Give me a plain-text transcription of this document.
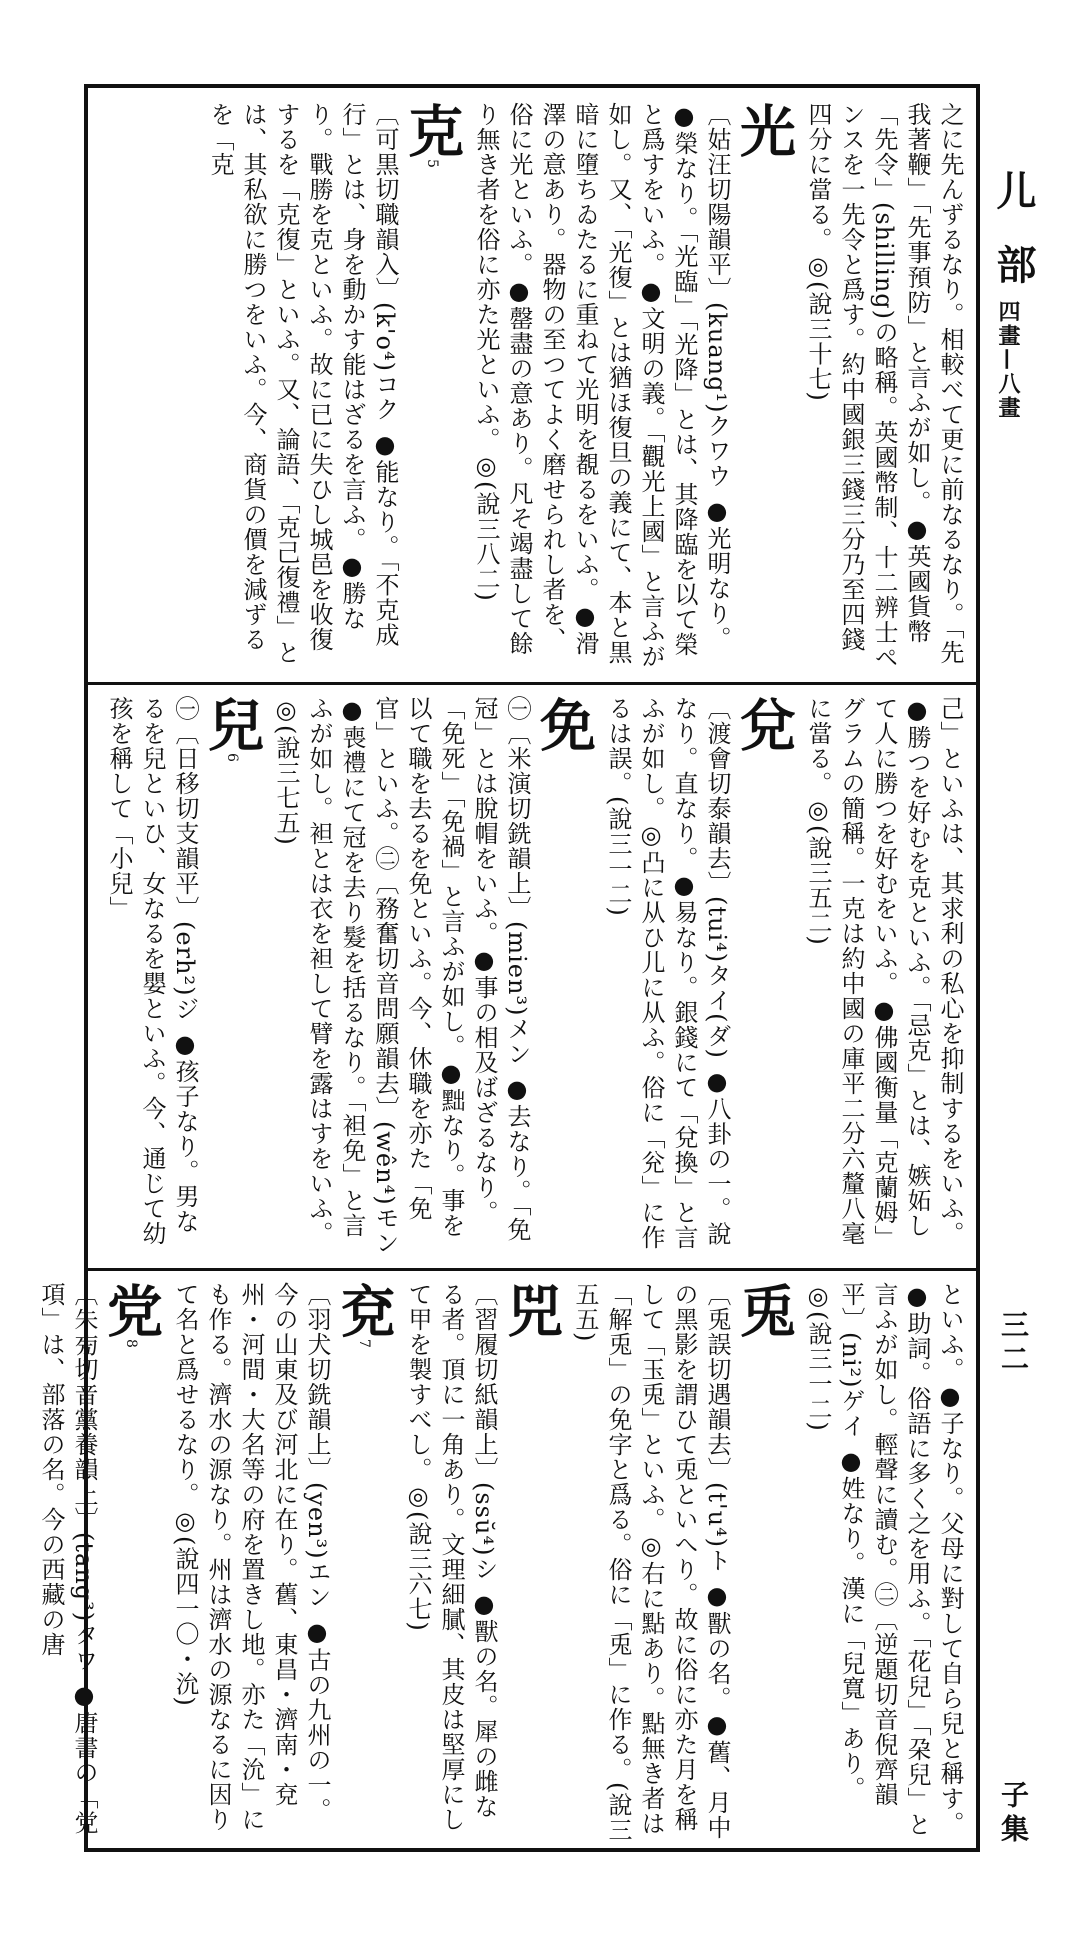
之に先んずるなり。相較べて更に前なるなり。「先我著鞭」「先事預防」と言ふが如し。●英國貨幣「先令」(shilling)の略稱。英國幣制、十二辨士ペンスを一先令と爲す。約中國銀三錢三分乃至四錢四分に當る。◎(說三十七)
光
〔姑汪切陽韻平〕(kuang¹)クワウ ●光明なり。●榮なり。「光臨」「光降」とは、其降臨を以て榮と爲すをいふ。●文明の義。「觀光上國」と言ふが如し。又、「光復」とは猶ほ復旦の義にて、本と黒暗に墮ちゐたるに重ねて光明を覩るをいふ。●滑澤の意あり。器物の至つてよく磨せられし者を、俗に光といふ。●罄盡の意あり。凡そ竭盡して餘り無き者を俗に亦た光といふ。◎(說三八二)
克$^5$
〔可黒切職韻入〕(k'o⁴)コク ●能なり。「不克成行」とは、身を動かす能はざるを言ふ。●勝なり。戰勝を克といふ。故に已に失ひし城邑を收復するを「克復」といふ。又、論語、「克己復禮」とは、其私欲に勝つをいふ。今、商貨の價を減ずるを「克
己」といふは、其求利の私心を抑制するをいふ。●勝つを好むを克といふ。「忌克」とは、嫉妬して人に勝つを好むをいふ。●佛國衡量「克蘭姆」グラムの簡稱。一克は約中國の庫平二分六釐八毫に當る。◎(說三五二)
兌
〔渡會切泰韻去〕(tui⁴)タイ(ダ) ●八卦の一。說なり。直なり。●易なり。銀錢にて「兌換」と言ふが如し。◎凸に从ひ儿に从ふ。俗に「兊」に作るは誤。(說三一二)
免
㊀〔米演切銑韻上〕(mien³)メン ●去なり。「免冠」とは脫帽をいふ。●事の相及ばざるなり。「免死」「免禍」と言ふが如し。●黜なり。事を以て職を去るを免といふ。今、休職を亦た「免官」といふ。㊁〔務奮切音問願韻去〕(wên⁴)モン ●喪禮にて冠を去り髮を括るなり。「袒免」と言ふが如し。袒とは衣を袒して臂を露はすをいふ。◎(說三七五)
兒$^6$
㊀〔日移切支韻平〕(erh²)ジ ●孩子なり。男なるを兒といひ、女なるを嬰といふ。今、通じて幼孩を稱して「小兒」
といふ。●子なり。父母に對して自ら兒と稱す。●助詞。俗語に多く之を用ふ。「花兒」「朶兒」と言ふが如し。輕聲に讀む。㊁〔逆題切音倪齊韻平〕(ni²)ゲイ ●姓なり。漢に「兒寬」あり。◎(說三一二)
兎
〔兎誤切遇韻去〕(t'u⁴)ト ●獸の名。●舊、月中の黑影を謂ひて兎といへり。故に俗に亦た月を稱して「玉兎」といふ。◎右に點あり。點無き者は「解兎」の免字と爲る。俗に「兎」に作る。(說三五五)
兕
〔習履切紙韻上〕(ssŭ⁴)シ ●獸の名。犀の雌なる者。頂に一角あり。文理細膩、其皮は堅厚にして甲を製すべし。◎(說三六七)
兗$^7$
〔羽犬切銑韻上〕(yen³)エン ●古の九州の一。今の山東及び河北に在り。舊、東昌・濟南・兗州・河間・大名等の府を置きし地。亦た「沇」にも作る。濟水の源なり。州は濟水の源なるに因りて名と爲せるなり。◎(說四一〇・沇)
党$^8$
〔朱㫄切音黨養韻上〕(tang³)タウ ●唐書の「党項」は、部落の名。今の西藏の唐
儿 部
四畫—八畫
三二
子集
